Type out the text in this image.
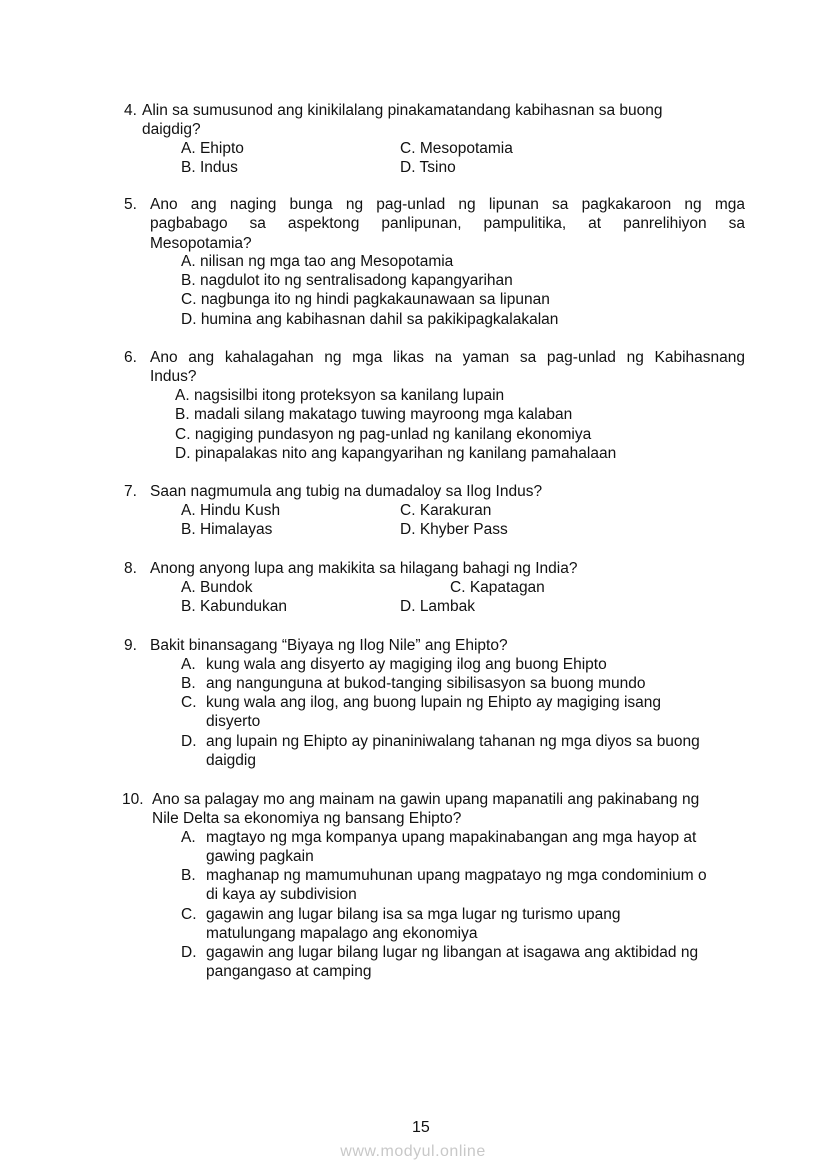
15
www.modyul.online
4. Alin sa sumusunod ang kinikilalang pinakamatandang kabihasnan sa buong
daigdig?
A. Ehipto	C. Mesopotamia
B. Indus	D. Tsino
5. Ano ang naging bunga ng pag-unlad ng lipunan sa pagkakaroon ng mga
pagbabago sa aspektong panlipunan, pampulitika, at panrelihiyon sa
Mesopotamia?
A. nilisan ng mga tao ang Mesopotamia
B. nagdulot ito ng sentralisadong kapangyarihan
C. nagbunga ito ng hindi pagkakaunawaan sa lipunan
D. humina ang kabihasnan dahil sa pakikipagkalakalan
6. Ano ang kahalagahan ng mga likas na yaman sa pag-unlad ng Kabihasnang
Indus?
A. nagsisilbi itong proteksyon sa kanilang lupain
B. madali silang makatago tuwing mayroong mga kalaban
C. nagiging pundasyon ng pag-unlad ng kanilang ekonomiya
D. pinapalakas nito ang kapangyarihan ng kanilang pamahalaan
7. Saan nagmumula ang tubig na dumadaloy sa Ilog Indus?
A. Hindu Kush	C. Karakuran
B. Himalayas	D. Khyber Pass
8. Anong anyong lupa ang makikita sa hilagang bahagi ng India?
A. Bundok	C. Kapatagan
B. Kabundukan	D. Lambak
9. Bakit binansagang “Biyaya ng Ilog Nile” ang Ehipto?
A. kung wala ang disyerto ay magiging ilog ang buong Ehipto
B. ang nangunguna at bukod-tanging sibilisasyon sa buong mundo
C. kung wala ang ilog, ang buong lupain ng Ehipto ay magiging isang
disyerto
D. ang lupain ng Ehipto ay pinaniniwalang tahanan ng mga diyos sa buong
daigdig
10. Ano sa palagay mo ang mainam na gawin upang mapanatili ang pakinabang ng
Nile Delta sa ekonomiya ng bansang Ehipto?
A. magtayo ng mga kompanya upang mapakinabangan ang mga hayop at
gawing pagkain
B. maghanap ng mamumuhunan upang magpatayo ng mga condominium o
di kaya ay subdivision
C. gagawin ang lugar bilang isa sa mga lugar ng turismo upang
matulungang mapalago ang ekonomiya
D. gagawin ang lugar bilang lugar ng libangan at isagawa ang aktibidad ng
pangangaso at camping
